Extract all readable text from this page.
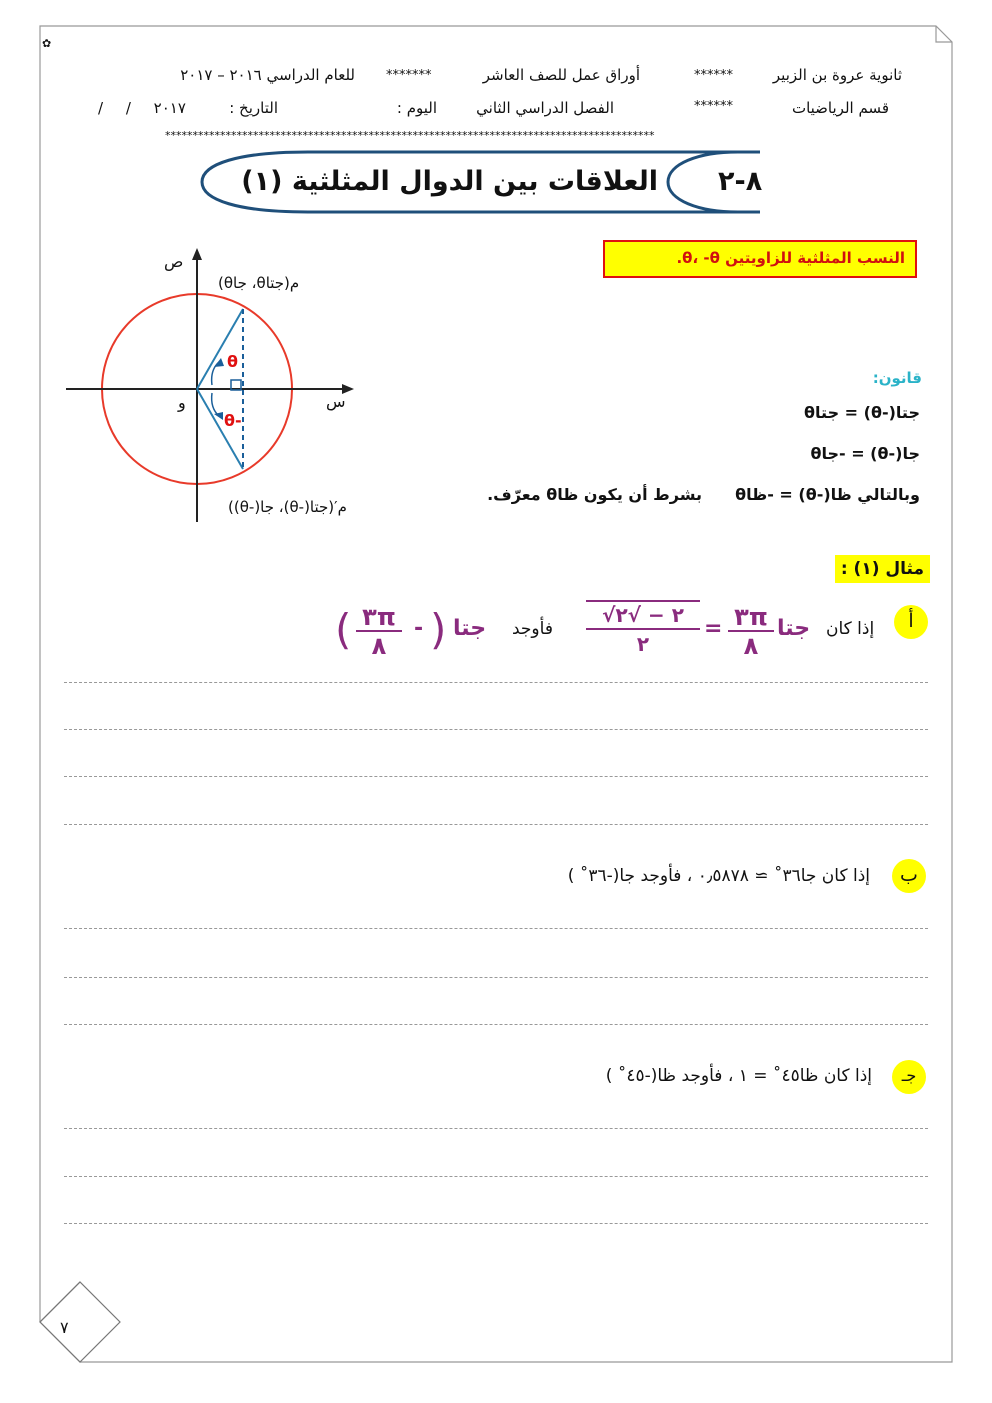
✿
ثانوية عروة بن الزبير
******
أوراق عمل للصف العاشر
*******
للعام الدراسي ٢٠١٦ – ٢٠١٧
قسم الرياضيات
******
الفصل الدراسي الثاني
اليوم :
التاريخ :
/ / ٢٠١٧
*****************************************************************************************
٨-٢
العلاقات بين الدوال المثلثية (١)
النسب المثلثية للزاويتين θ، -θ.
قانون:
جتا(-θ) = جتاθ
جا(-θ) = -جاθ
وبالتالي ظا(-θ) = -ظاθ
بشرط أن يكون ظاθ معرّف.
ص
س
و
م(جتاθ، جاθ)
م′(جتا(-θ)، جا(-θ))
θ
-θ
مثال (١) :
أ
إذا كان
جتا
٣π
٨
=
√٢ − √٢
٢
فأوجد
( ٣π
٨
- ) جتا
ب
إذا كان جا٣٦˚ ≃ ٠٫٥٨٧٨ ، فأوجد جا(-٣٦˚ )
جـ
إذا كان ظا٤٥˚ = ١ ، فأوجد ظا(-٤٥˚ )
٧
